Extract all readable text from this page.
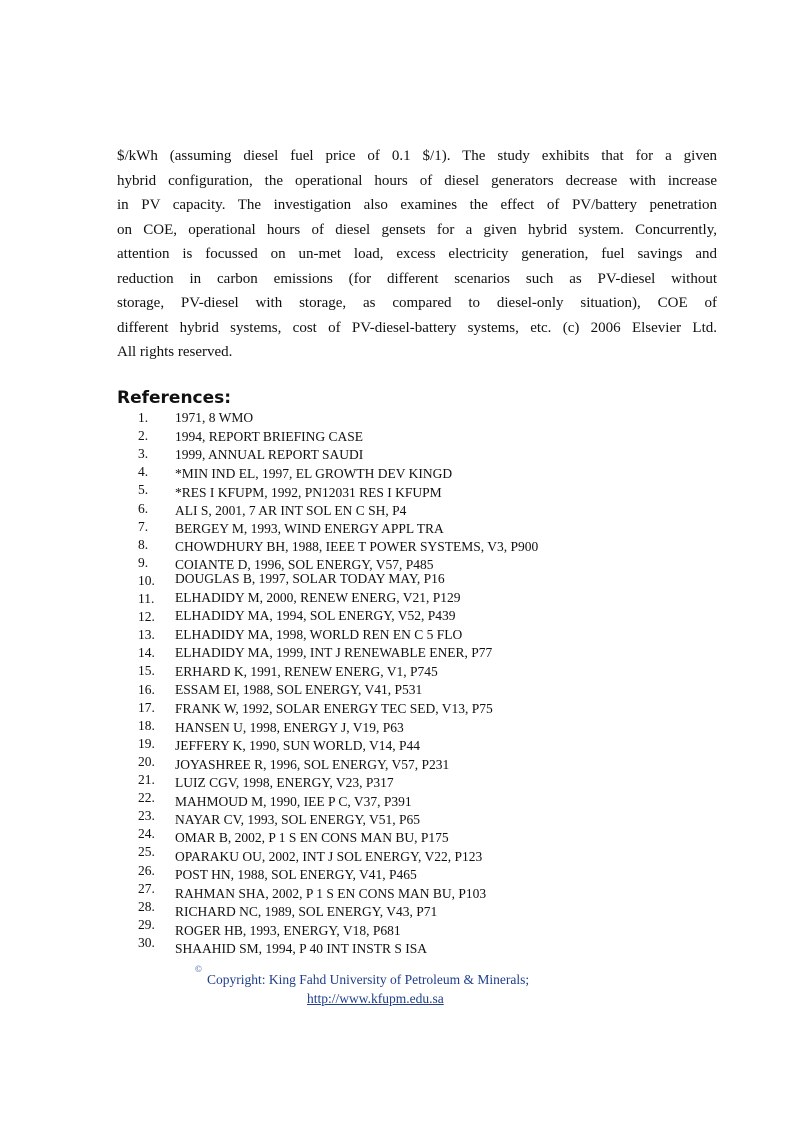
$/kWh (assuming diesel fuel price of 0.1 $/1). The study exhibits that for a given
hybrid configuration, the operational hours of diesel generators decrease with increase
in PV capacity. The investigation also examines the effect of PV/battery penetration
on COE, operational hours of diesel gensets for a given hybrid system. Concurrently,
attention is focussed on un-met load, excess electricity generation, fuel savings and
reduction in carbon emissions (for different scenarios such as PV-diesel without
storage, PV-diesel with storage, as compared to diesel-only situation), COE of
different hybrid systems, cost of PV-diesel-battery systems, etc. (c) 2006 Elsevier Ltd.
All rights reserved.
References:
1.
2.
3.
4.
5.
6.
7.
8.
9.
10.
11.
12.
13.
14.
15.
16.
17.
18.
19.
20.
21.
22.
23.
24.
25.
26.
27.
28.
29.
30.
1971, 8 WMO
1994, REPORT BRIEFING CASE
1999, ANNUAL REPORT SAUDI
*MIN IND EL, 1997, EL GROWTH DEV KINGD
*RES I KFUPM, 1992, PN12031 RES I KFUPM
ALI S, 2001, 7 AR INT SOL EN C SH, P4
BERGEY M, 1993, WIND ENERGY APPL TRA
CHOWDHURY BH, 1988, IEEE T POWER SYSTEMS, V3, P900
COIANTE D, 1996, SOL ENERGY, V57, P485
DOUGLAS B, 1997, SOLAR TODAY MAY, P16
ELHADIDY M, 2000, RENEW ENERG, V21, P129
ELHADIDY MA, 1994, SOL ENERGY, V52, P439
ELHADIDY MA, 1998, WORLD REN EN C 5 FLO
ELHADIDY MA, 1999, INT J RENEWABLE ENER, P77
ERHARD K, 1991, RENEW ENERG, V1, P745
ESSAM EI, 1988, SOL ENERGY, V41, P531
FRANK W, 1992, SOLAR ENERGY TEC SED, V13, P75
HANSEN U, 1998, ENERGY J, V19, P63
JEFFERY K, 1990, SUN WORLD, V14, P44
JOYASHREE R, 1996, SOL ENERGY, V57, P231
LUIZ CGV, 1998, ENERGY, V23, P317
MAHMOUD M, 1990, IEE P C, V37, P391
NAYAR CV, 1993, SOL ENERGY, V51, P65
OMAR B, 2002, P 1 S EN CONS MAN BU, P175
OPARAKU OU, 2002, INT J SOL ENERGY, V22, P123
POST HN, 1988, SOL ENERGY, V41, P465
RAHMAN SHA, 2002, P 1 S EN CONS MAN BU, P103
RICHARD NC, 1989, SOL ENERGY, V43, P71
ROGER HB, 1993, ENERGY, V18, P681
SHAAHID SM, 1994, P 40 INT INSTR S ISA
©
Copyright: King Fahd University of Petroleum & Minerals;
http://www.kfupm.edu.sa
